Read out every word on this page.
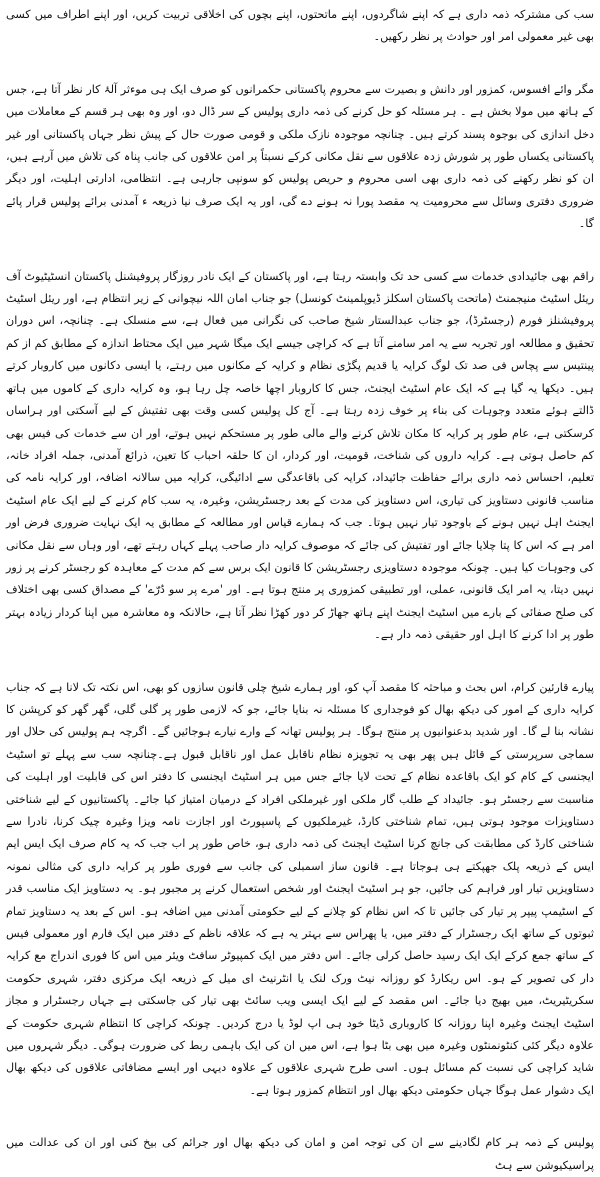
سب کی مشترکہ ذمہ داری ہے کہ اپنے شاگردوں، اپنے ماتحتوں، اپنے بچوں کی اخلاقی تربیت کریں، اور اپنے اطراف میں کسی بھی غیر معمولی امر اور حوادث پر نظر رکھیں۔

مگر وائے افسوس، کمزور اور دانش و بصیرت سے محروم پاکستانی حکمرانوں کو صرف ایک ہی موءثر آلۂ کار نظر آتا ہے، جس کے ہاتھ میں مولا بخش ہے ۔ ہر مسئلہ کو حل کرنے کی ذمہ داری پولیس کے سر ڈال دو، اور وہ بھی ہر قسم کے معاملات میں دخل اندازی کی بوجوہ پسند کرتے ہیں۔ چنانچہ موجودہ نازک ملکی و قومی صورت حال کے پیش نظر جہاں پاکستانی اور غیر پاکستانی یکساں طور پر شورش زدہ علاقوں سے نقل مکانی کرکے نسبتاً پر امن علاقوں کی جانب پناہ کی تلاش میں آرہے ہیں، ان کو نظر رکھنے کی ذمہ داری بھی اسی محروم و حریص پولیس کو سونپی جارہی ہے۔ انتظامی، ادارتی اہلیت، اور دیگر ضروری دفتری وسائل سے محرومیت یہ مقصد پورا نہ ہونے دے گی، اور یہ ایک صرف نیا ذریعہ ء آمدنی برائے پولیس قرار پائے گا۔

راقم بھی جائیدادی خدمات سے کسی حد تک وابستہ رہتا ہے، اور پاکستان کے ایک نادر روزگار پروفیشنل پاکستان انسٹیٹیوٹ آف ریئل اسٹیٹ منیجمنٹ (ماتحت پاکستان اسکلز ڈیوپلمینٹ کونسل) جو جناب امان اللہ نیچوانی کے زیر انتظام ہے، اور ریئل اسٹیٹ پروفیشنلز فورم (رجسٹرڈ)، جو جناب عبدالستار شیخ صاحب کی نگرانی میں فعال ہے، سے منسلک ہے۔ چنانچہ، اس دوران تحقیق و مطالعہ اور تجربہ سے یہ امر سامنے آتا ہے کہ کراچی جیسے ایک میگا شہر میں ایک محتاط اندازہ کے مطابق کم از کم پینتیس سے پچاس فی صد تک لوگ کرایہ یا قدیم پگڑی نظام و کرایہ کے مکانوں میں رہتے، یا ایسی دکانوں میں کاروبار کرتے ہیں۔ دیکھا یہ گیا ہے کہ ایک عام اسٹیٹ ایجنٹ، جس کا کاروبار اچھا خاصہ چل رہا ہو، وہ کرایہ داری کے کاموں میں ہاتھ ڈالتے ہوئے متعدد وجوہات کی بناء پر خوف زدہ رہتا ہے۔ آج کل پولیس کسی وقت بھی تفتیش کے لیے آسکتی اور ہراساں کرسکتی ہے، عام طور پر کرایہ کا مکان تلاش کرنے والے مالی طور پر مستحکم نہیں ہوتے، اور ان سے خدمات کی فیس بھی کم حاصل ہوتی ہے۔ کرایہ داروں کی شناخت، قومیت، اور کردار، ان کا حلقہ احباب کا تعین، ذرائع آمدنی، جملہ افراد خانہ، تعلیم، احساس ذمہ داری برائے حفاظت جائیداد، کرایہ کی باقاعدگی سے ادائیگی، کرایہ میں سالانہ اضافہ، اور کرایہ نامہ کی مناسب قانونی دستاویز کی تیاری، اس دستاویز کی مدت کے بعد رجسٹریشن، وغیرہ، یہ سب کام کرنے کے لیے ایک عام اسٹیٹ ایجنٹ اہل نہیں ہونے کے باوجود تیار نہیں ہوتا۔ جب کہ ہمارے قیاس اور مطالعہ کے مطابق یہ ایک نہایت ضروری فرض اور امر ہے کہ اس کا پتا چلایا جائے اور تفتیش کی جائے کہ موصوف کرایہ دار صاحب پہلے کہاں رہتے تھے، اور وہاں سے نقل مکانی کی وجوہات کیا ہیں۔ چونکہ موجودہ دستاویزی رجسٹریشن کا قانون ایک برس سے کم مدت کے معاہدہ کو رجسٹر کرنے پر زور نہیں دیتا، یہ امر ایک قانونی، عملی، اور تطبیقی کمزوری پر منتج ہوتا ہے۔ اور 'مرے پر سو دُرّے' کے مصداق کسی بھی اختلاف کی صلح صفائی کے بارے میں اسٹیٹ ایجنٹ اپنے ہاتھ جھاڑ کر دور کھڑا نظر آتا ہے، حالانکہ وہ معاشرہ میں اپنا کردار زیادہ بہتر طور پر ادا کرنے کا اہل اور حقیقی ذمہ دار ہے۔

پیارے قارئین کرام، اس بحث و مباحثہ کا مقصد آپ کو، اور ہمارے شیخ چلی قانون سازوں کو بھی، اس نکتہ تک لانا ہے کہ جناب کرایہ داری کے امور کی دیکھ بھال کو فوجداری کا مسئلہ نہ بنایا جائے، جو کہ لازمی طور پر گلی گلی، گھر گھر کو کرپشن کا نشانہ بنا لے گا۔ اور شدید بدعنوانیوں پر منتج ہوگا۔ ہر پولیس تھانہ کے وارے نیارے ہوجائیں گے۔ اگرچہ ہم پولیس کی حلال اور سماجی سرپرستی کے قائل ہیں پھر بھی یہ تجویزہ نظام ناقابل عمل اور ناقابل قبول ہے۔چنانچہ سب سے پہلے تو اسٹیٹ ایجنسی کے کام کو ایک باقاعدہ نظام کے تحت لایا جائے جس میں ہر اسٹیٹ ایجنسی کا دفتر اس کی قابلیت اور اہلیت کی مناسبت سے رجسٹر ہو۔ جائیداد کے طلب گار ملکی اور غیرملکی افراد کے درمیان امتیاز کیا جائے۔ پاکستانیوں کے لیے شناختی دستاویزات موجود ہوتی ہیں، تمام شناختی کارڈ، غیرملکیوں کے پاسپورٹ اور اجازت نامہ ویزا وغیرہ چیک کرنا، نادرا سے شناختی کارڈ کی مطابقت کی جانچ کرنا اسٹیٹ ایجنٹ کی ذمہ داری ہو، خاص طور پر اب جب کہ یہ کام صرف ایک ایس ایم ایس کے ذریعہ پلک جھپکتے ہی ہوجاتا ہے۔ قانون ساز اسمبلی کی جانب سے فوری طور پر کرایہ داری کی مثالی نمونہ دستاویزیں تیار اور فراہم کی جائیں، جو ہر اسٹیٹ ایجنٹ اور شخص استعمال کرنے پر مجبور ہو۔ یہ دستاویز ایک مناسب قدر کے اسٹیمپ پیپر پر تیار کی جائیں تا کہ اس نظام کو چلانے کے لیے حکومتی آمدنی میں اضافہ ہو۔ اس کے بعد یہ دستاویز تمام ثبوتوں کے ساتھ ایک رجسٹرار کے دفتر میں، یا پھراس سے بہتر یہ ہے کہ علاقہ ناظم کے دفتر میں ایک فارم اور معمولی فیس کے ساتھ جمع کرکے ایک ایک رسید حاصل کرلی جائے۔ اس دفتر میں ایک کمپیوٹر سافٹ ویئر میں اس کا فوری اندراج مع کرایہ دار کی تصویر کے ہو۔ اس ریکارڈ کو روزانہ نیٹ ورک لنک یا انٹرنیٹ ای میل کے ذریعہ ایک مرکزی دفتر، شہری حکومت سکریٹیریٹ، میں بھیج دیا جائے۔ اس مقصد کے لیے ایک ایسی ویب سائٹ بھی تیار کی جاسکتی ہے جہاں رجسٹرار و مجاز اسٹیٹ ایجنٹ وغیرہ اپنا روزانہ کا کاروباری ڈیٹا خود ہی اپ لوڈ یا درج کردیں۔ چونکہ کراچی کا انتظام شہری حکومت کے علاوہ دیگر کئی کنٹونمنٹوں وغیرہ میں بھی بٹا ہوا ہے، اس میں ان کی ایک باہمی ربط کی ضرورت ہوگی۔ دیگر شہروں میں شاید کراچی کی نسبت کم مسائل ہوں۔ اسی طرح شہری علاقوں کے علاوہ دیہی اور ایسے مضافاتی علاقوں کی دیکھ بھال ایک دشوار عمل ہوگا جہاں حکومتی دیکھ بھال اور انتظام کمزور ہوتا ہے۔

پولیس کے ذمہ ہر کام لگادینے سے ان کی توجہ امن و امان کی دیکھ بھال اور جرائم کی بیخ کنی اور ان کی عدالت میں پراسیکیوشن سے ہٹ
